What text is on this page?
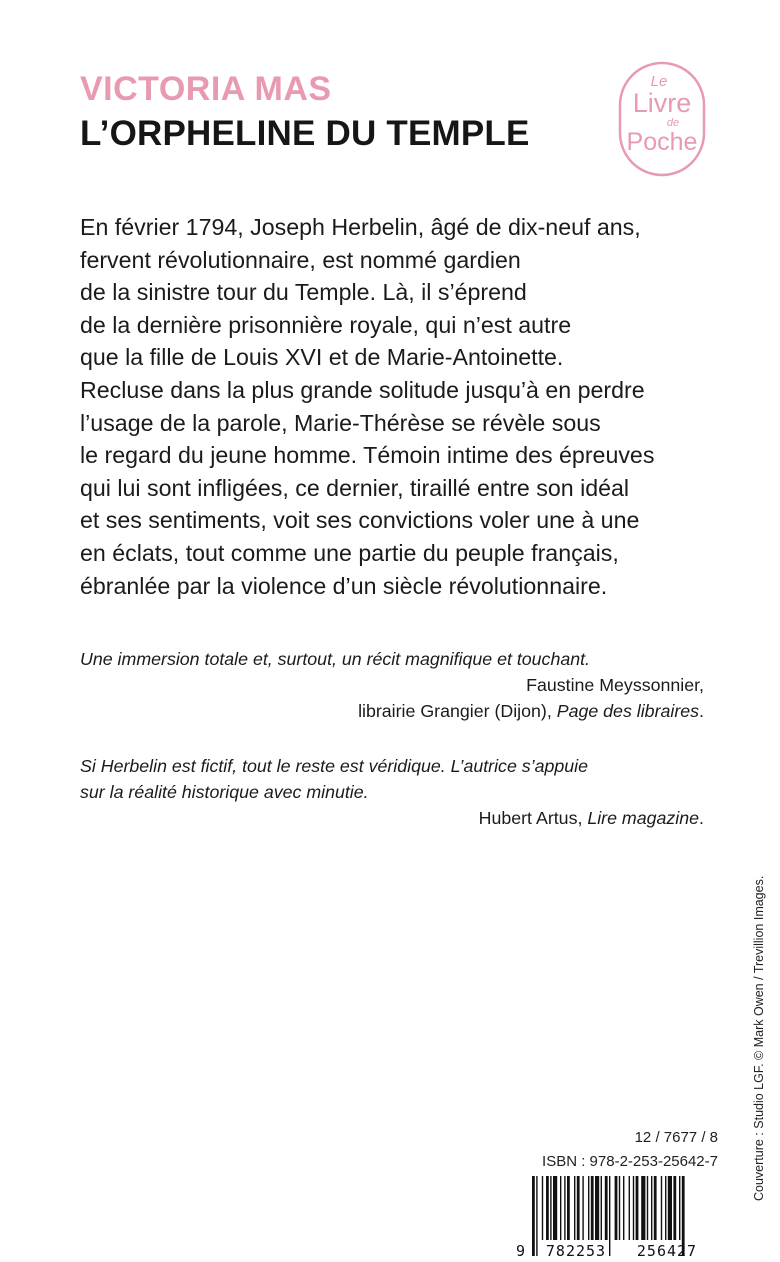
VICTORIA MAS
L’ORPHELINE DU TEMPLE
Le
Livre
de
Poche
En février 1794, Joseph Herbelin, âgé de dix-neuf ans,
fervent révolutionnaire, est nommé gardien
de la sinistre tour du Temple. Là, il s’éprend
de la dernière prisonnière royale, qui n’est autre
que la fille de Louis XVI et de Marie-Antoinette.
Recluse dans la plus grande solitude jusqu’à en perdre
l’usage de la parole, Marie-Thérèse se révèle sous
le regard du jeune homme. Témoin intime des épreuves
qui lui sont infligées, ce dernier, tiraillé entre son idéal
et ses sentiments, voit ses convictions voler une à une
en éclats, tout comme une partie du peuple français,
ébranlée par la violence d’un siècle révolutionnaire.
Une immersion totale et, surtout, un récit magnifique et touchant.
Faustine Meyssonnier,
librairie Grangier (Dijon), Page des libraires.
Si Herbelin est fictif, tout le reste est véridique. L’autrice s’appuie
sur la réalité historique avec minutie.
Hubert Artus, Lire magazine.
Couverture : Studio LGF. © Mark Owen / Trevillion Images.
12 / 7677 / 8
ISBN : 978-2-253-25642-7
9 782253 256427
